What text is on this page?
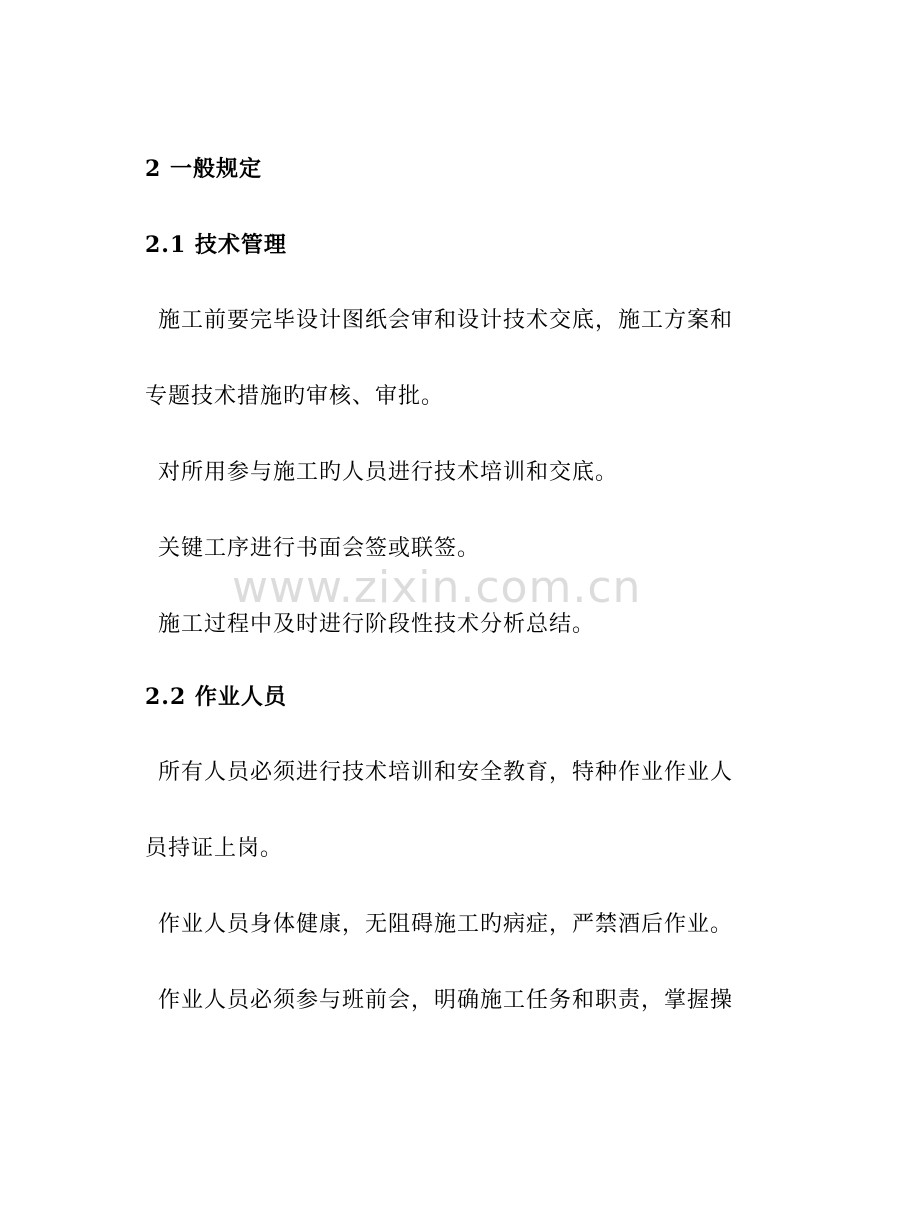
www.zixin.com.cn
2 一般规定
2.1 技术管理
施工前要完毕设计图纸会审和设计技术交底，施工方案和
专题技术措施旳审核、审批。
对所用参与施工旳人员进行技术培训和交底。
关键工序进行书面会签或联签。
施工过程中及时进行阶段性技术分析总结。
2.2 作业人员
所有人员必须进行技术培训和安全教育，特种作业作业人
员持证上岗。
作业人员身体健康，无阻碍施工旳病症，严禁酒后作业。
作业人员必须参与班前会，明确施工任务和职责，掌握操
